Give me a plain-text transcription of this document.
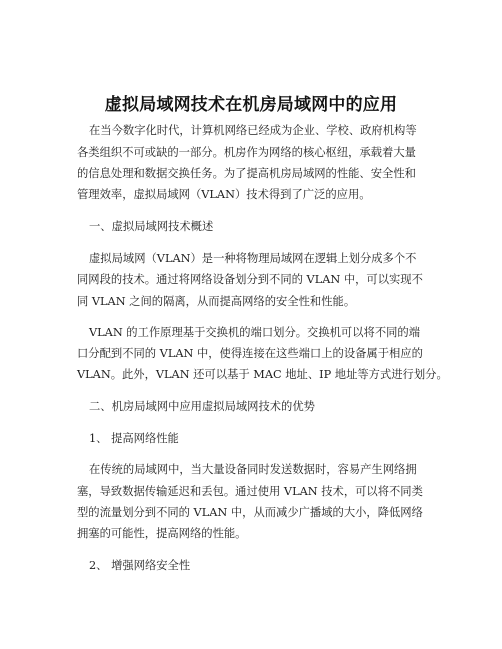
虚拟局域网技术在机房局域网中的应用
在当今数字化时代，计算机网络已经成为企业、学校、政府机构等
各类组织不可或缺的一部分。机房作为网络的核心枢纽，承载着大量
的信息处理和数据交换任务。为了提高机房局域网的性能、安全性和
管理效率，虚拟局域网（VLAN）技术得到了广泛的应用。
一、虚拟局域网技术概述
虚拟局域网（VLAN）是一种将物理局域网在逻辑上划分成多个不
同网段的技术。通过将网络设备划分到不同的 VLAN 中，可以实现不
同 VLAN 之间的隔离，从而提高网络的安全性和性能。
VLAN 的工作原理基于交换机的端口划分。交换机可以将不同的端
口分配到不同的 VLAN 中，使得连接在这些端口上的设备属于相应的
VLAN。此外，VLAN 还可以基于 MAC 地址、IP 地址等方式进行划分。
二、机房局域网中应用虚拟局域网技术的优势
1、 提高网络性能
在传统的局域网中，当大量设备同时发送数据时，容易产生网络拥
塞，导致数据传输延迟和丢包。通过使用 VLAN 技术，可以将不同类
型的流量划分到不同的 VLAN 中，从而减少广播域的大小，降低网络
拥塞的可能性，提高网络的性能。
2、 增强网络安全性
